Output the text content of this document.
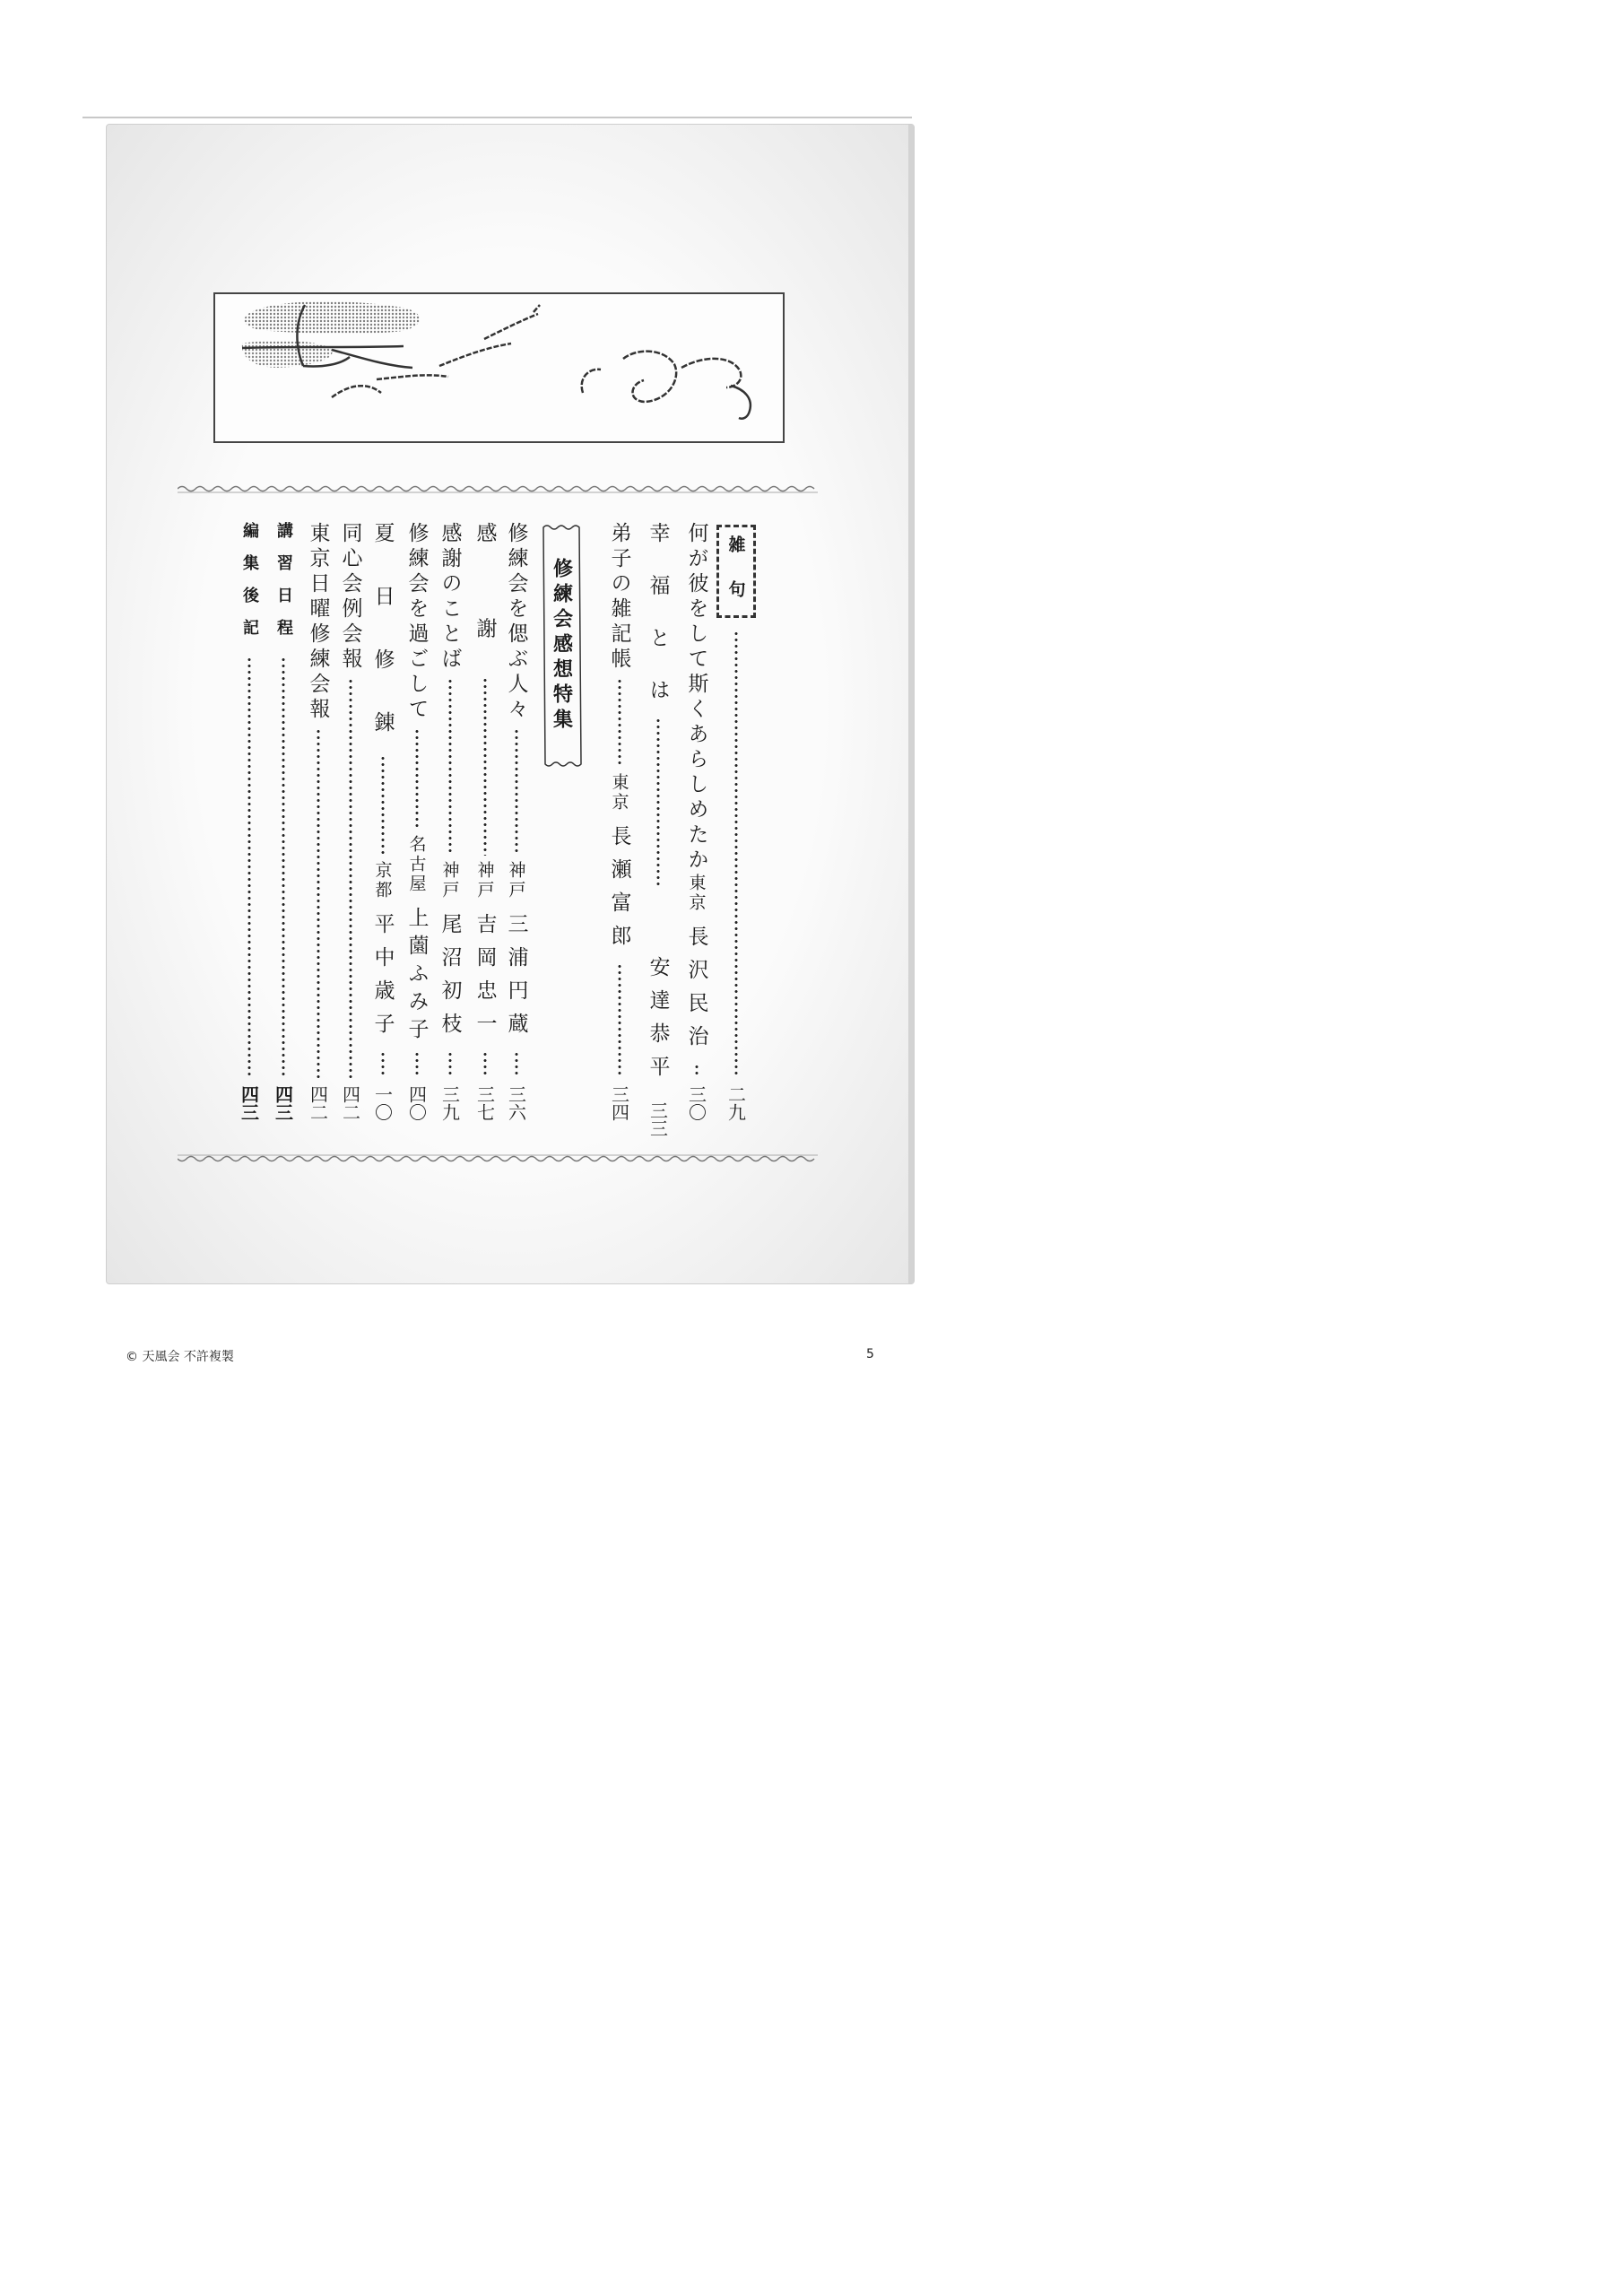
雑 句
二九
何が彼をして斯くあらしめたか
東京
長沢民治
三〇
幸 福 と は
安達恭平
三三
弟子の雑記帳
東京
長瀬富郎
三四
修練会感想特集
修練会を偲ぶ人々
神戸
三浦円蔵
三六
感 謝
神戸
吉岡忠一
三七
感謝のことば
神戸
尾沼初枝
三九
修練会を過ごして
名古屋
上薗ふみ子
四〇
夏 日 修 錬
京都
平中歳子
一〇
同心会例会報
四二
東京日曜修練会報
四二
講習日程
四三
編集後記
四三
© 天風会 不許複製	5
